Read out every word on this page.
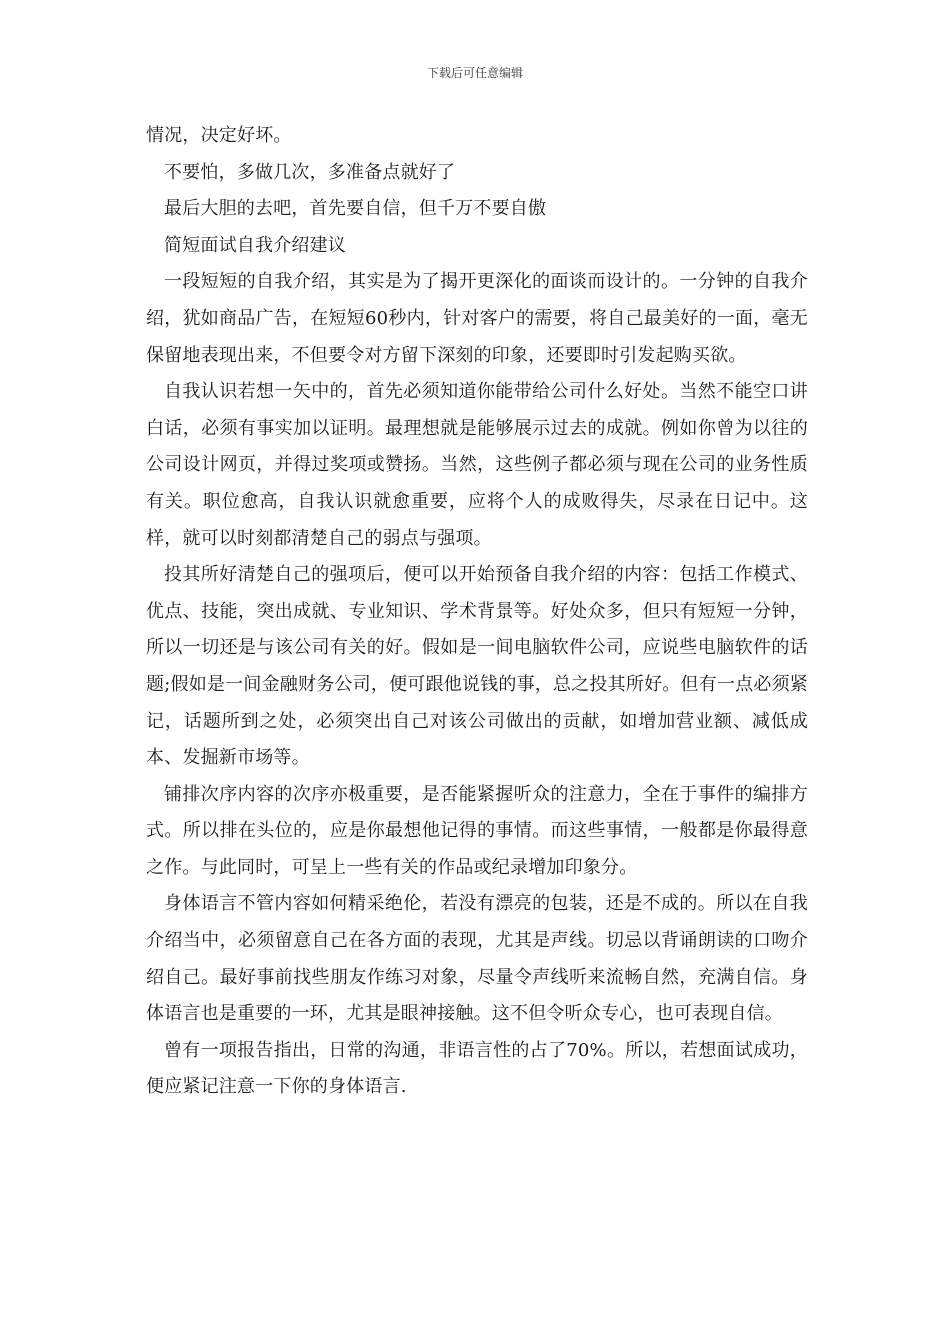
下载后可任意编辑

情况，决定好坏。

不要怕，多做几次，多准备点就好了

最后大胆的去吧，首先要自信，但千万不要自傲

简短面试自我介绍建议

一段短短的自我介绍，其实是为了揭开更深化的面谈而设计的。一分钟的自我介绍，犹如商品广告，在短短60秒内，针对客户的需要，将自己最美好的一面，毫无保留地表现出来，不但要令对方留下深刻的印象，还要即时引发起购买欲。

自我认识若想一矢中的，首先必须知道你能带给公司什么好处。当然不能空口讲白话，必须有事实加以证明。最理想就是能够展示过去的成就。例如你曾为以往的公司设计网页，并得过奖项或赞扬。当然，这些例子都必须与现在公司的业务性质有关。职位愈高，自我认识就愈重要，应将个人的成败得失，尽录在日记中。这样，就可以时刻都清楚自己的弱点与强项。

投其所好清楚自己的强项后，便可以开始预备自我介绍的内容：包括工作模式、优点、技能，突出成就、专业知识、学术背景等。好处众多，但只有短短一分钟，所以一切还是与该公司有关的好。假如是一间电脑软件公司，应说些电脑软件的话题;假如是一间金融财务公司，便可跟他说钱的事，总之投其所好。但有一点必须紧记，话题所到之处，必须突出自己对该公司做出的贡献，如增加营业额、减低成本、发掘新市场等。

铺排次序内容的次序亦极重要，是否能紧握听众的注意力，全在于事件的编排方式。所以排在头位的，应是你最想他记得的事情。而这些事情，一般都是你最得意之作。与此同时，可呈上一些有关的作品或纪录增加印象分。

身体语言不管内容如何精采绝伦，若没有漂亮的包装，还是不成的。所以在自我介绍当中，必须留意自己在各方面的表现，尤其是声线。切忌以背诵朗读的口吻介绍自己。最好事前找些朋友作练习对象，尽量令声线听来流畅自然，充满自信。身体语言也是重要的一环，尤其是眼神接触。这不但令听众专心，也可表现自信。

曾有一项报告指出，日常的沟通，非语言性的占了70%。所以，若想面试成功，便应紧记注意一下你的身体语言.
